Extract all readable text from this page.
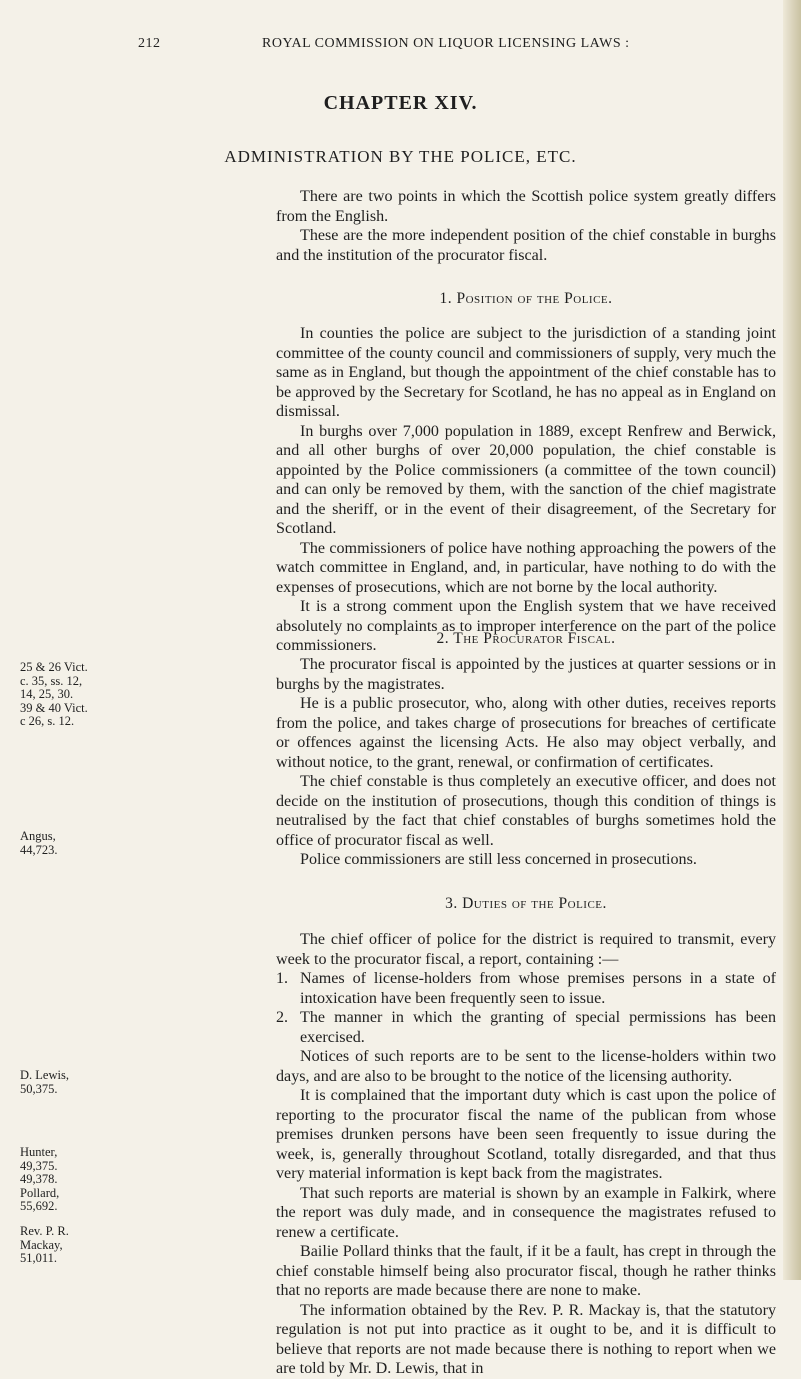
212	ROYAL COMMISSION ON LIQUOR LICENSING LAWS :
CHAPTER XIV.
ADMINISTRATION BY THE POLICE, ETC.

There are two points in which the Scottish police system greatly differs from the English.

These are the more independent position of the chief constable in burghs and the institution of the procurator fiscal.

1. Position of the Police.

In counties the police are subject to the jurisdiction of a standing joint committee of the county council and commissioners of supply, very much the same as in England, but though the appointment of the chief constable has to be approved by the Secretary for Scotland, he has no appeal as in England on dismissal.

In burghs over 7,000 population in 1889, except Renfrew and Berwick, and all other burghs of over 20,000 population, the chief constable is appointed by the Police commissioners (a committee of the town council) and can only be removed by them, with the sanction of the chief magistrate and the sheriff, or in the event of their disagreement, of the Secretary for Scotland.

The commissioners of police have nothing approaching the powers of the watch committee in England, and, in particular, have nothing to do with the expenses of prosecutions, which are not borne by the local authority.

It is a strong comment upon the English system that we have received absolutely no complaints as to improper interference on the part of the police commissioners.	2. The Procurator Fiscal.

The procurator fiscal is appointed by the justices at quarter sessions or in burghs by the magistrates.

He is a public prosecutor, who, along with other duties, receives reports from the police, and takes charge of prosecutions for breaches of certificate or offences against the licensing Acts. He also may object verbally, and without notice, to the grant, renewal, or confirmation of certificates.

The chief constable is thus completely an executive officer, and does not decide on the institution of prosecutions, though this condition of things is neutralised by the fact that chief constables of burghs sometimes hold the office of procurator fiscal as well.

Police commissioners are still less concerned in prosecutions.

3. Duties of the Police.

The chief officer of police for the district is required to transmit, every week to the procurator fiscal, a report, containing :—

1. Names of license-holders from whose premises persons in a state of intoxication have been frequently seen to issue.

2. The manner in which the granting of special permissions has been exercised.

Notices of such reports are to be sent to the license-holders within two days, and are also to be brought to the notice of the licensing authority.

It is complained that the important duty which is cast upon the police of reporting to the procurator fiscal the name of the publican from whose premises drunken persons have been seen frequently to issue during the week, is, generally throughout Scotland, totally disregarded, and that thus very material information is kept back from the magistrates.

That such reports are material is shown by an example in Falkirk, where the report was duly made, and in consequence the magistrates refused to renew a certificate.

Bailie Pollard thinks that the fault, if it be a fault, has crept in through the chief constable himself being also procurator fiscal, though he rather thinks that no reports are made because there are none to make.

The information obtained by the Rev. P. R. Mackay is, that the statutory regulation is not put into practice as it ought to be, and it is difficult to believe that reports are not made because there is nothing to report when we are told by Mr. D. Lewis, that in

25 & 26 Vict.
c. 35, ss. 12,
14, 25, 30.
39 & 40 Vict.
c 26, s. 12.
Angus,
44,723.
D. Lewis,
50,375.
Hunter,
49,375.
49,378.
Pollard,
55,692.
Rev. P. R.
Mackay,
51,011.
